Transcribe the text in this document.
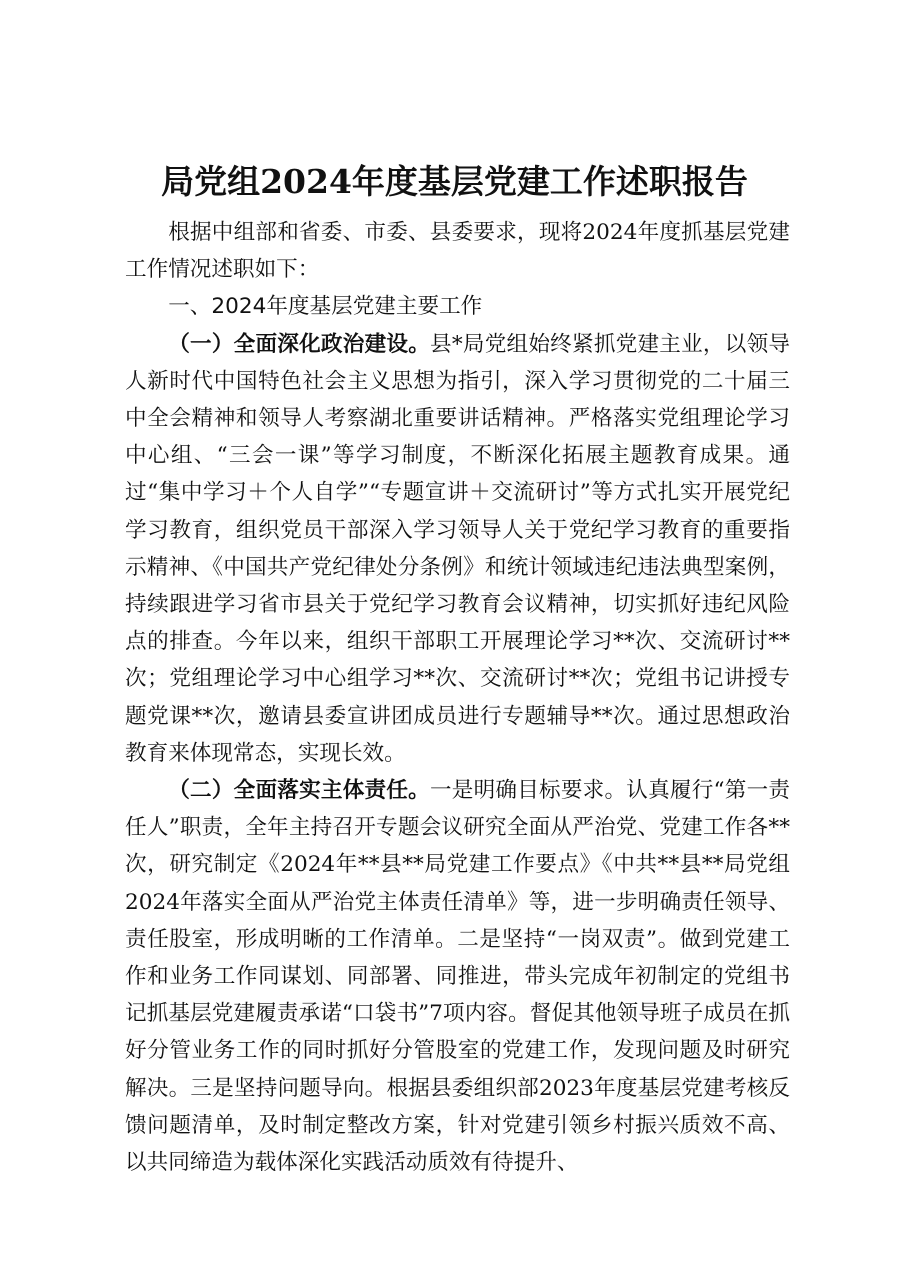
局党组2024年度基层党建工作述职报告

根据中组部和省委、市委、县委要求，现将2024年度抓基层党建工作情况述职如下：

一、2024年度基层党建主要工作

（一）全面深化政治建设。县*局党组始终紧抓党建主业，以领导人新时代中国特色社会主义思想为指引，深入学习贯彻党的二十届三中全会精神和领导人考察湖北重要讲话精神。严格落实党组理论学习中心组、“三会一课”等学习制度，不断深化拓展主题教育成果。通过“集中学习＋个人自学”“专题宣讲＋交流研讨”等方式扎实开展党纪学习教育，组织党员干部深入学习领导人关于党纪学习教育的重要指示精神、《中国共产党纪律处分条例》和统计领域违纪违法典型案例，持续跟进学习省市县关于党纪学习教育会议精神，切实抓好违纪风险点的排查。今年以来，组织干部职工开展理论学习**次、交流研讨**次；党组理论学习中心组学习**次、交流研讨**次；党组书记讲授专题党课**次，邀请县委宣讲团成员进行专题辅导**次。通过思想政治教育来体现常态，实现长效。

（二）全面落实主体责任。一是明确目标要求。认真履行“第一责任人”职责，全年主持召开专题会议研究全面从严治党、党建工作各**次，研究制定《2024年**县**局党建工作要点》《中共**县**局党组2024年落实全面从严治党主体责任清单》等，进一步明确责任领导、责任股室，形成明晰的工作清单。二是坚持“一岗双责”。做到党建工作和业务工作同谋划、同部署、同推进，带头完成年初制定的党组书记抓基层党建履责承诺“口袋书”7项内容。督促其他领导班子成员在抓好分管业务工作的同时抓好分管股室的党建工作，发现问题及时研究解决。三是坚持问题导向。根据县委组织部2023年度基层党建考核反馈问题清单，及时制定整改方案，针对党建引领乡村振兴质效不高、以共同缔造为载体深化实践活动质效有待提升、
